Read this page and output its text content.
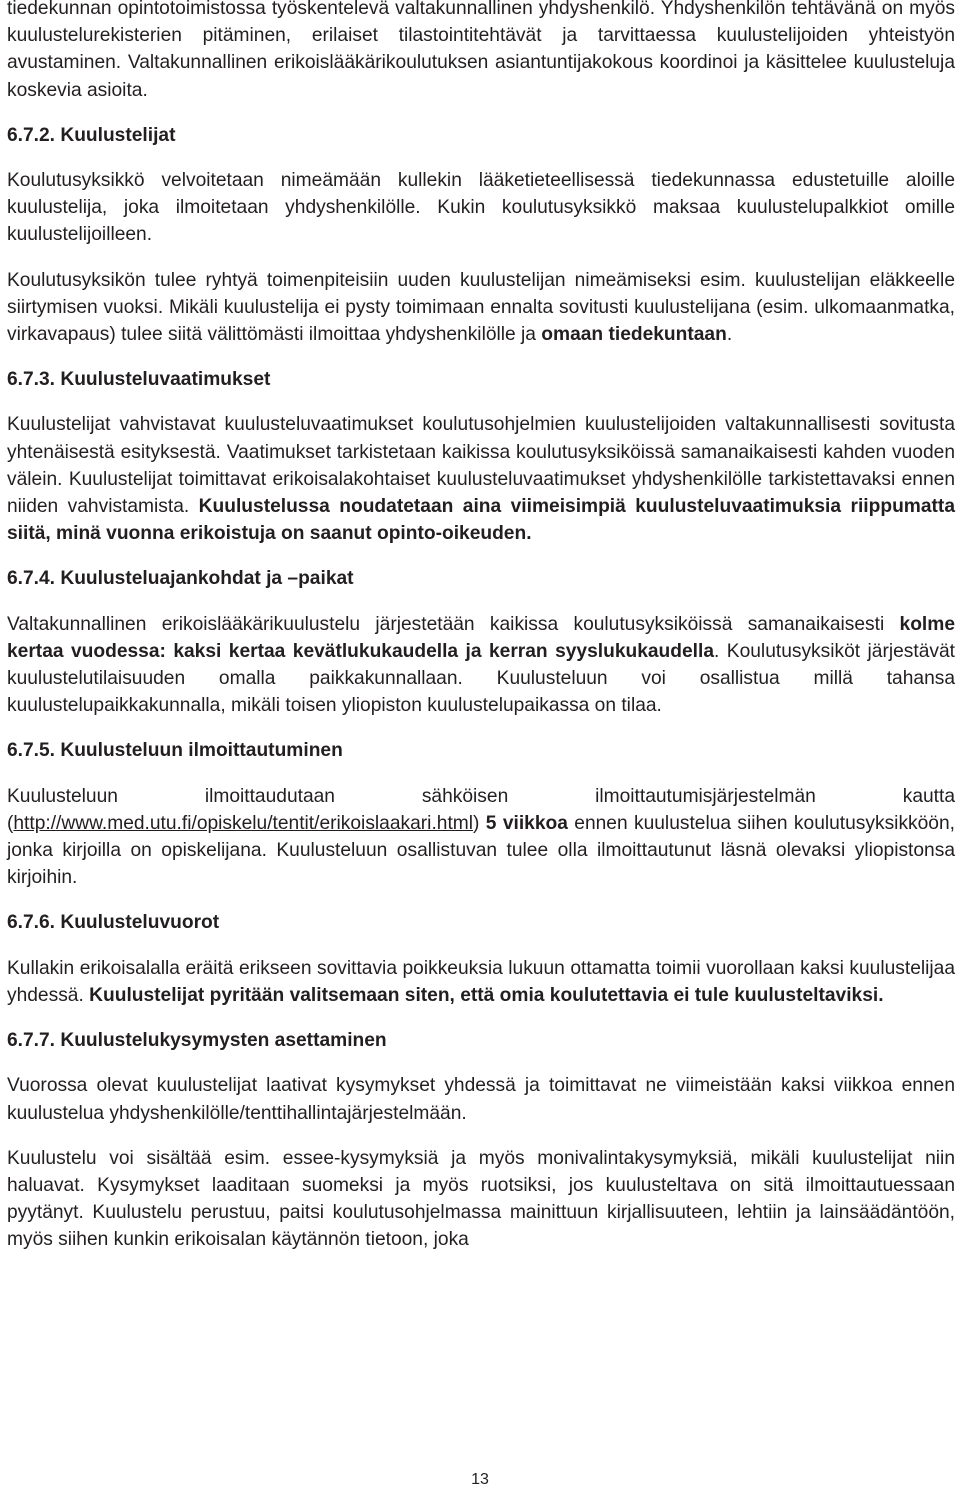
tiedekunnan opintotoimistossa työskentelevä valtakunnallinen yhdyshenkilö. Yhdyshenkilön tehtävänä on myös kuulustelurekisterien pitäminen, erilaiset tilastointitehtävät ja tarvittaessa kuulustelijoiden yhteistyön avustaminen. Valtakunnallinen erikoislääkärikoulutuksen asiantuntijakokous koordinoi ja käsittelee kuulusteluja koskevia asioita.

6.7.2. Kuulustelijat

Koulutusyksikkö velvoitetaan nimeämään kullekin lääketieteellisessä tiedekunnassa edustetuille aloille kuulustelija, joka ilmoitetaan yhdyshenkilölle. Kukin koulutusyksikkö maksaa kuulustelupalkkiot omille kuulustelijoilleen.

Koulutusyksikön tulee ryhtyä toimenpiteisiin uuden kuulustelijan nimeämiseksi esim. kuulustelijan eläkkeelle siirtymisen vuoksi. Mikäli kuulustelija ei pysty toimimaan ennalta sovitusti kuulustelijana (esim. ulkomaanmatka, virkavapaus) tulee siitä välittömästi ilmoittaa yhdyshenkilölle ja omaan tiedekuntaan.

6.7.3. Kuulusteluvaatimukset

Kuulustelijat vahvistavat kuulusteluvaatimukset koulutusohjelmien kuulustelijoiden valtakunnallisesti sovitusta yhtenäisestä esityksestä. Vaatimukset tarkistetaan kaikissa koulutusyksiköissä samanaikaisesti kahden vuoden välein. Kuulustelijat toimittavat erikoisalakohtaiset kuulusteluvaatimukset yhdyshenkilölle tarkistettavaksi ennen niiden vahvistamista. Kuulustelussa noudatetaan aina viimeisimpiä kuulusteluvaatimuksia riippumatta siitä, minä vuonna erikoistuja on saanut opinto-oikeuden.

6.7.4. Kuulusteluajankohdat ja –paikat

Valtakunnallinen erikoislääkärikuulustelu järjestetään kaikissa koulutusyksiköissä samanaikaisesti kolme kertaa vuodessa: kaksi kertaa kevätlukukaudella ja kerran syyslukukaudella. Koulutusyksiköt järjestävät kuulustelutilaisuuden omalla paikkakunnallaan. Kuulusteluun voi osallistua millä tahansa kuulustelupaikkakunnalla, mikäli toisen yliopiston kuulustelupaikassa on tilaa.

6.7.5. Kuulusteluun ilmoittautuminen

Kuulusteluun ilmoittaudutaan sähköisen ilmoittautumisjärjestelmän kautta (http://www.med.utu.fi/opiskelu/tentit/erikoislaakari.html) 5 viikkoa ennen kuulustelua siihen koulutusyksikköön, jonka kirjoilla on opiskelijana. Kuulusteluun osallistuvan tulee olla ilmoittautunut läsnä olevaksi yliopistonsa kirjoihin.

6.7.6. Kuulusteluvuorot

Kullakin erikoisalalla eräitä erikseen sovittavia poikkeuksia lukuun ottamatta toimii vuorollaan kaksi kuulustelijaa yhdessä. Kuulustelijat pyritään valitsemaan siten, että omia koulutettavia ei tule kuulusteltaviksi.

6.7.7. Kuulustelukysymysten asettaminen

Vuorossa olevat kuulustelijat laativat kysymykset yhdessä ja toimittavat ne viimeistään kaksi viikkoa ennen kuulustelua yhdyshenkilölle/tenttihallintajärjestelmään.

Kuulustelu voi sisältää esim. essee-kysymyksiä ja myös monivalintakysymyksiä, mikäli kuulustelijat niin haluavat. Kysymykset laaditaan suomeksi ja myös ruotsiksi, jos kuulusteltava on sitä ilmoittautuessaan pyytänyt. Kuulustelu perustuu, paitsi koulutusohjelmassa mainittuun kirjallisuuteen, lehtiin ja lainsäädäntöön, myös siihen kunkin erikoisalan käytännön tietoon, joka

13
